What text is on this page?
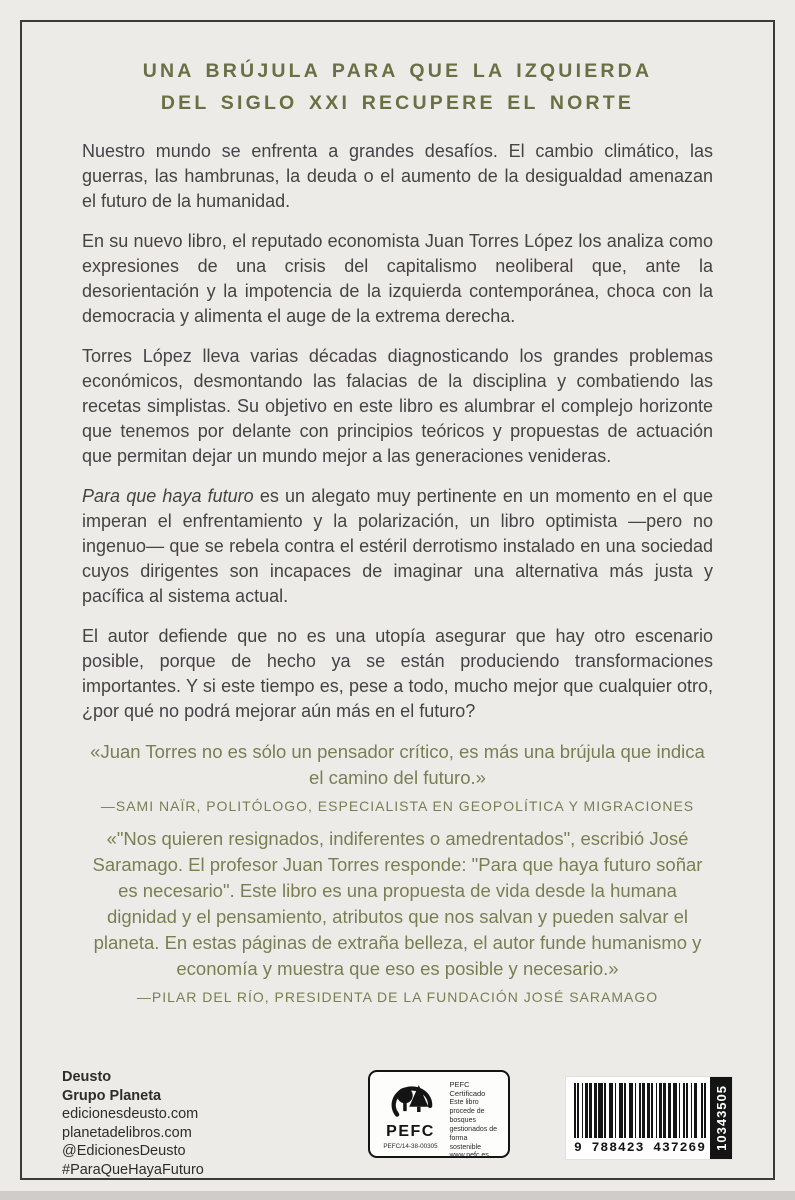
UNA BRÚJULA PARA QUE LA IZQUIERDA
DEL SIGLO XXI RECUPERE EL NORTE

Nuestro mundo se enfrenta a grandes desafíos. El cambio climático, las guerras, las hambrunas, la deuda o el aumento de la desigualdad amenazan el futuro de la humanidad.

En su nuevo libro, el reputado economista Juan Torres López los analiza como expresiones de una crisis del capitalismo neoliberal que, ante la desorientación y la impotencia de la izquierda contemporánea, choca con la democracia y alimenta el auge de la extrema derecha.

Torres López lleva varias décadas diagnosticando los grandes problemas económicos, desmontando las falacias de la disciplina y combatiendo las recetas simplistas. Su objetivo en este libro es alumbrar el complejo horizonte que tenemos por delante con principios teóricos y propuestas de actuación que permitan dejar un mundo mejor a las generaciones venideras.

Para que haya futuro es un alegato muy pertinente en un momento en el que imperan el enfrentamiento y la polarización, un libro optimista —pero no ingenuo— que se rebela contra el estéril derrotismo instalado en una sociedad cuyos dirigentes son incapaces de imaginar una alternativa más justa y pacífica al sistema actual.

El autor defiende que no es una utopía asegurar que hay otro escenario posible, porque de hecho ya se están produciendo transformaciones importantes. Y si este tiempo es, pese a todo, mucho mejor que cualquier otro, ¿por qué no podrá mejorar aún más en el futuro?

«Juan Torres no es sólo un pensador crítico, es más una brújula que indica el camino del futuro.»
—SAMI NAÏR, POLITÓLOGO, ESPECIALISTA EN GEOPOLÍTICA Y MIGRACIONES
«"Nos quieren resignados, indiferentes o amedrentados", escribió José Saramago. El profesor Juan Torres responde: "Para que haya futuro soñar es necesario". Este libro es una propuesta de vida desde la humana dignidad y el pensamiento, atributos que nos salvan y pueden salvar el planeta. En estas páginas de extraña belleza, el autor funde humanismo y economía y muestra que eso es posible y necesario.»
—PILAR DEL RÍO, PRESIDENTA DE LA FUNDACIÓN JOSÉ SARAMAGO
Deusto
Grupo Planeta
edicionesdeusto.com
planetadelibros.com
@EdicionesDeusto
#ParaQueHayaFuturo
PEFC
PEFC/14-38-00305
PEFC Certificado
Este libro procede de bosques gestionados de forma sostenible
www.pefc.es
9 788423 437269 10343505
